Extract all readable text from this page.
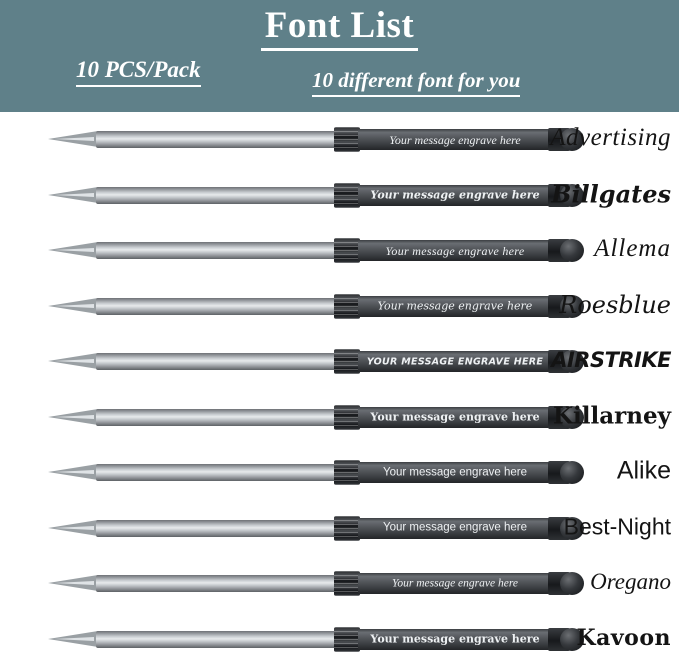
Font List
10 PCS/Pack	10 different font for you
Your message engrave here	Advertising
Your message engrave here Billgates
Your message engrave here	Allema
Your message engrave here	Roesblue
YOUR MESSAGE ENGRAVE HERE AIRSTRIKE
Your message engrave here Killarney
Your message engrave here	Alike
Your message engrave here	Best-Night
Your message engrave here	Oregano
Your message engrave here	Kavoon
